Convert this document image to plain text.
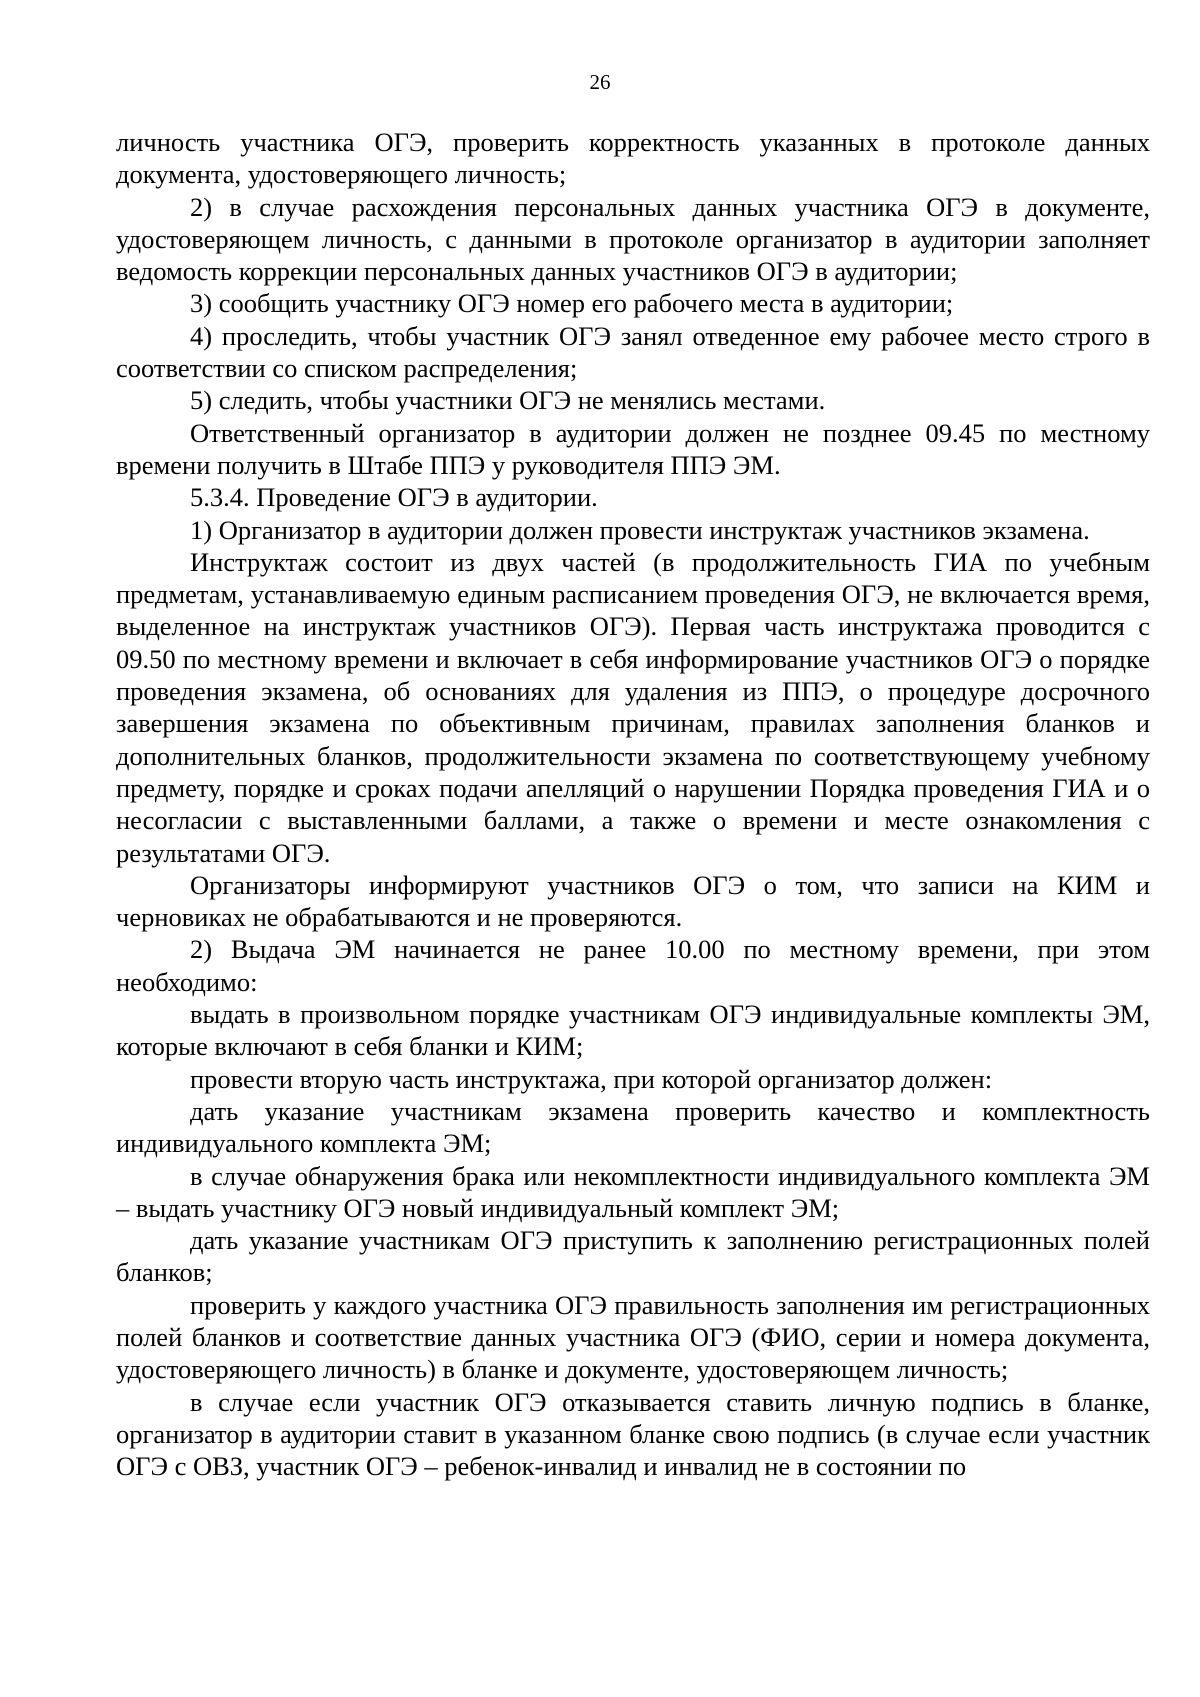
26

личность участника ОГЭ, проверить корректность указанных в протоколе данных документа, удостоверяющего личность;

2) в случае расхождения персональных данных участника ОГЭ в документе, удостоверяющем личность, с данными в протоколе организатор в аудитории заполняет ведомость коррекции персональных данных участников ОГЭ в аудитории;

3) сообщить участнику ОГЭ номер его рабочего места в аудитории;

4) проследить, чтобы участник ОГЭ занял отведенное ему рабочее место строго в соответствии со списком распределения;

5) следить, чтобы участники ОГЭ не менялись местами.

Ответственный организатор в аудитории должен не позднее 09.45 по местному времени получить в Штабе ППЭ у руководителя ППЭ ЭМ.

5.3.4. Проведение ОГЭ в аудитории.

1) Организатор в аудитории должен провести инструктаж участников экзамена.

Инструктаж состоит из двух частей (в продолжительность ГИА по учебным предметам, устанавливаемую единым расписанием проведения ОГЭ, не включается время, выделенное на инструктаж участников ОГЭ). Первая часть инструктажа проводится с 09.50 по местному времени и включает в себя информирование участников ОГЭ о порядке проведения экзамена, об основаниях для удаления из ППЭ, о процедуре досрочного завершения экзамена по объективным причинам, правилах заполнения бланков и дополнительных бланков, продолжительности экзамена по соответствующему учебному предмету, порядке и сроках подачи апелляций о нарушении Порядка проведения ГИА и о несогласии с выставленными баллами, а также о времени и месте ознакомления с результатами ОГЭ.

Организаторы информируют участников ОГЭ о том, что записи на КИМ и черновиках не обрабатываются и не проверяются.

2) Выдача ЭМ начинается не ранее 10.00 по местному времени, при этом необходимо:

выдать в произвольном порядке участникам ОГЭ индивидуальные комплекты ЭМ, которые включают в себя бланки и КИМ;

провести вторую часть инструктажа, при которой организатор должен:

дать указание участникам экзамена проверить качество и комплектность индивидуального комплекта ЭМ;

в случае обнаружения брака или некомплектности индивидуального комплекта ЭМ – выдать участнику ОГЭ новый индивидуальный комплект ЭМ;

дать указание участникам ОГЭ приступить к заполнению регистрационных полей бланков;

проверить у каждого участника ОГЭ правильность заполнения им регистрационных полей бланков и соответствие данных участника ОГЭ (ФИО, серии и номера документа, удостоверяющего личность) в бланке и документе, удостоверяющем личность;

в случае если участник ОГЭ отказывается ставить личную подпись в бланке, организатор в аудитории ставит в указанном бланке свою подпись (в случае если участник ОГЭ с ОВЗ, участник ОГЭ – ребенок-инвалид и инвалид не в состоянии по
